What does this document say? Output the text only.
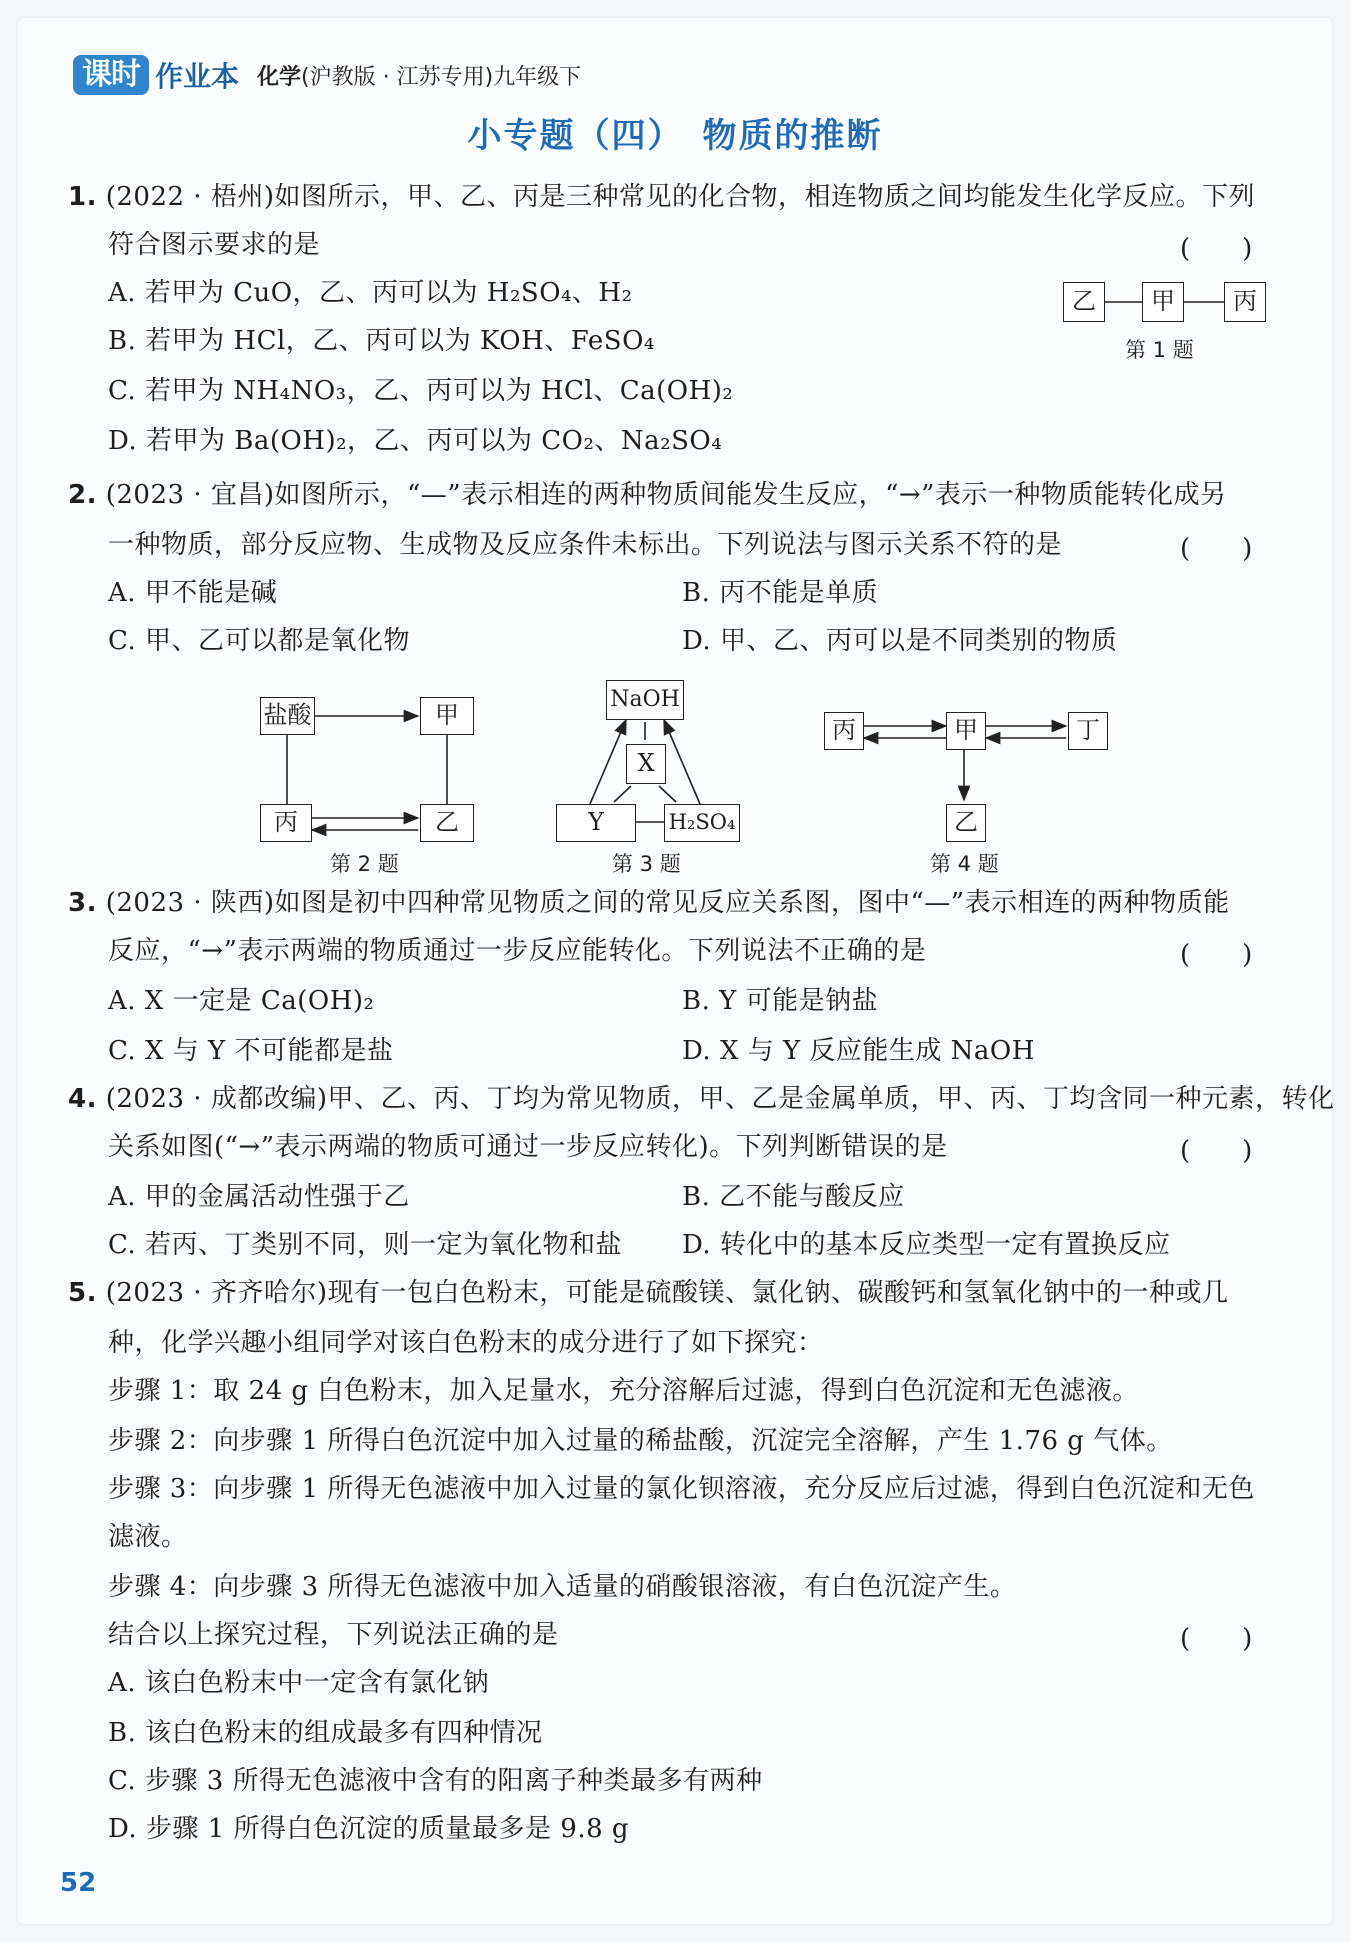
课时 作业本 化学(沪教版 · 江苏专用)九年级下
小专题（四）　物质的推断
1. (2022 · 梧州)如图所示，甲、乙、丙是三种常见的化合物，相连物质之间均能发生化学反应。下列
符合图示要求的是	(　　)
A. 若甲为 CuO，乙、丙可以为 H₂SO₄、H₂
B. 若甲为 HCl，乙、丙可以为 KOH、FeSO₄
C. 若甲为 NH₄NO₃，乙、丙可以为 HCl、Ca(OH)₂
D. 若甲为 Ba(OH)₂，乙、丙可以为 CO₂、Na₂SO₄
乙	甲	丙
第 1 题
2. (2023 · 宜昌)如图所示，“—”表示相连的两种物质间能发生反应，“→”表示一种物质能转化成另
一种物质，部分反应物、生成物及反应条件未标出。下列说法与图示关系不符的是	(　　)
A. 甲不能是碱	B. 丙不能是单质
C. 甲、乙可以都是氧化物	D. 甲、乙、丙可以是不同类别的物质
盐酸	甲
丙	乙
第 2 题
NaOH
X
Y	H₂SO₄
第 3 题
丙	甲	丁
乙
第 4 题
3. (2023 · 陕西)如图是初中四种常见物质之间的常见反应关系图，图中“—”表示相连的两种物质能
反应，“→”表示两端的物质通过一步反应能转化。下列说法不正确的是	(　　)
A. X 一定是 Ca(OH)₂	B. Y 可能是钠盐
C. X 与 Y 不可能都是盐	D. X 与 Y 反应能生成 NaOH
4. (2023 · 成都改编)甲、乙、丙、丁均为常见物质，甲、乙是金属单质，甲、丙、丁均含同一种元素，转化
关系如图(“→”表示两端的物质可通过一步反应转化)。下列判断错误的是	(　　)
A. 甲的金属活动性强于乙	B. 乙不能与酸反应
C. 若丙、丁类别不同，则一定为氧化物和盐 D. 转化中的基本反应类型一定有置换反应
5. (2023 · 齐齐哈尔)现有一包白色粉末，可能是硫酸镁、氯化钠、碳酸钙和氢氧化钠中的一种或几
种，化学兴趣小组同学对该白色粉末的成分进行了如下探究：
步骤 1：取 24 g 白色粉末，加入足量水，充分溶解后过滤，得到白色沉淀和无色滤液。
步骤 2：向步骤 1 所得白色沉淀中加入过量的稀盐酸，沉淀完全溶解，产生 1.76 g 气体。
步骤 3：向步骤 1 所得无色滤液中加入过量的氯化钡溶液，充分反应后过滤，得到白色沉淀和无色
滤液。
步骤 4：向步骤 3 所得无色滤液中加入适量的硝酸银溶液，有白色沉淀产生。
结合以上探究过程，下列说法正确的是	(　　)
A. 该白色粉末中一定含有氯化钠
B. 该白色粉末的组成最多有四种情况
C. 步骤 3 所得无色滤液中含有的阳离子种类最多有两种
D. 步骤 1 所得白色沉淀的质量最多是 9.8 g
52
